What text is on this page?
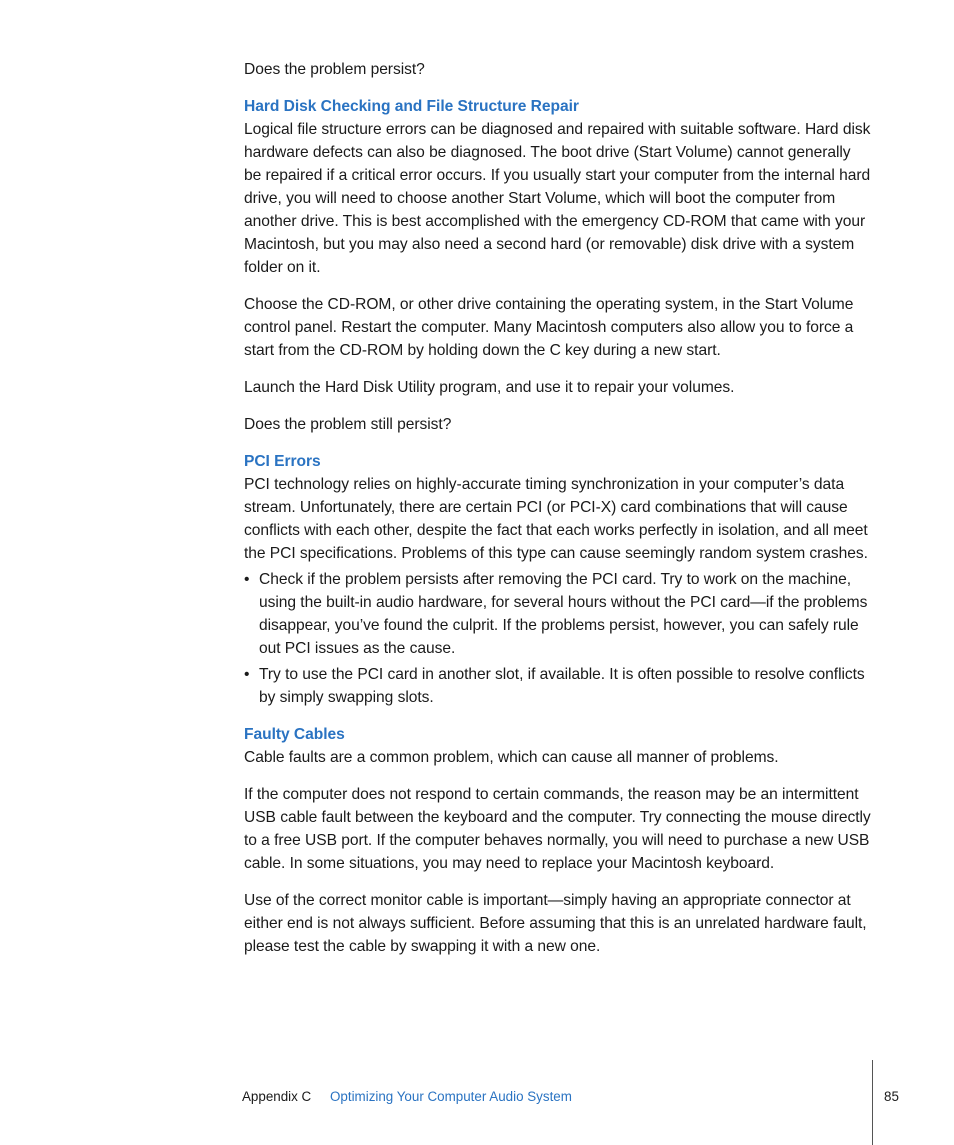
Does the problem persist?

Hard Disk Checking and File Structure Repair

Logical file structure errors can be diagnosed and repaired with suitable software. Hard disk hardware defects can also be diagnosed. The boot drive (Start Volume) cannot generally be repaired if a critical error occurs. If you usually start your computer from the internal hard drive, you will need to choose another Start Volume, which will boot the computer from another drive. This is best accomplished with the emergency CD-ROM that came with your Macintosh, but you may also need a second hard (or removable) disk drive with a system folder on it.

Choose the CD-ROM, or other drive containing the operating system, in the Start Volume control panel. Restart the computer. Many Macintosh computers also allow you to force a start from the CD-ROM by holding down the C key during a new start.

Launch the Hard Disk Utility program, and use it to repair your volumes.

Does the problem still persist?

PCI Errors

PCI technology relies on highly-accurate timing synchronization in your computer’s data stream. Unfortunately, there are certain PCI (or PCI-X) card combinations that will cause conflicts with each other, despite the fact that each works perfectly in isolation, and all meet the PCI specifications. Problems of this type can cause seemingly random system crashes.

• Check if the problem persists after removing the PCI card. Try to work on the machine, using the built-in audio hardware, for several hours without the PCI card—if the problems disappear, you’ve found the culprit. If the problems persist, however, you can safely rule out PCI issues as the cause.
• Try to use the PCI card in another slot, if available. It is often possible to resolve conflicts by simply swapping slots.
Faulty Cables

Cable faults are a common problem, which can cause all manner of problems.

If the computer does not respond to certain commands, the reason may be an intermittent USB cable fault between the keyboard and the computer. Try connecting the mouse directly to a free USB port. If the computer behaves normally, you will need to purchase a new USB cable. In some situations, you may need to replace your Macintosh keyboard.

Use of the correct monitor cable is important—simply having an appropriate connector at either end is not always sufficient. Before assuming that this is an unrelated hardware fault, please test the cable by swapping it with a new one.

Appendix C Optimizing Your Computer Audio System	85
